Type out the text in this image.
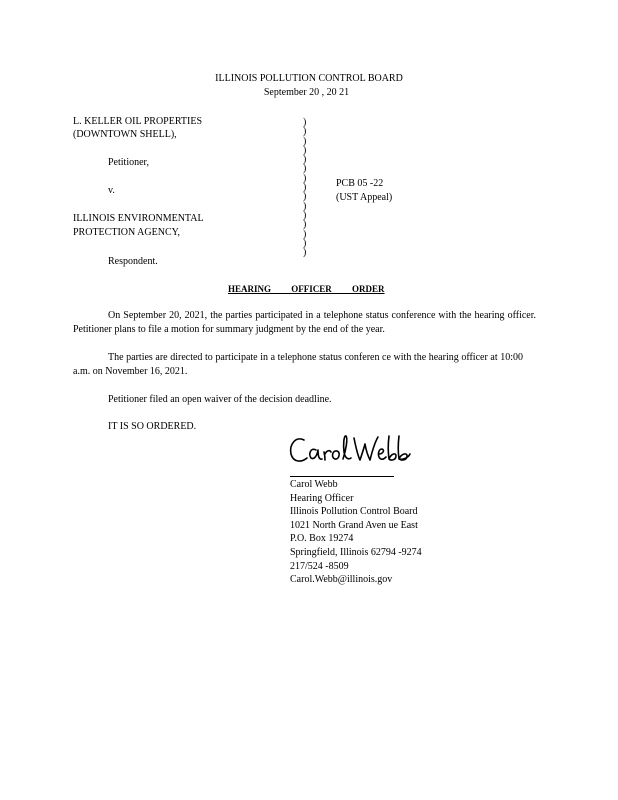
ILLINOIS POLLUTION CONTROL BOARD
September 20 , 20 21
L. KELLER OIL PROPERTIES
(DOWNTOWN SHELL),
Petitioner,
v.
ILLINOIS ENVIRONMENTAL
PROTECTION AGENCY,
Respondent.
)
)
)
)
)
)
)
)
)
)
)
)
)
)
)
PCB 05 -22
(UST Appeal)
HEARING OFFICER ORDER
On September 20, 2021, the parties participated in a telephone status conference with the hearing officer. Petitioner plans to file a motion for summary judgment by the end of the year.
The parties are directed to participate in a telephone status conferen ce with the hearing officer at 10:00 a.m. on November 16, 2021.
Petitioner filed an open waiver of the decision deadline.
IT IS SO ORDERED.
Carol Webb
Hearing Officer
Illinois Pollution Control Board
1021 North Grand Aven ue East
P.O. Box 19274
Springfield, Illinois 62794 -9274
217/524 -8509
Carol.Webb@illinois.gov
